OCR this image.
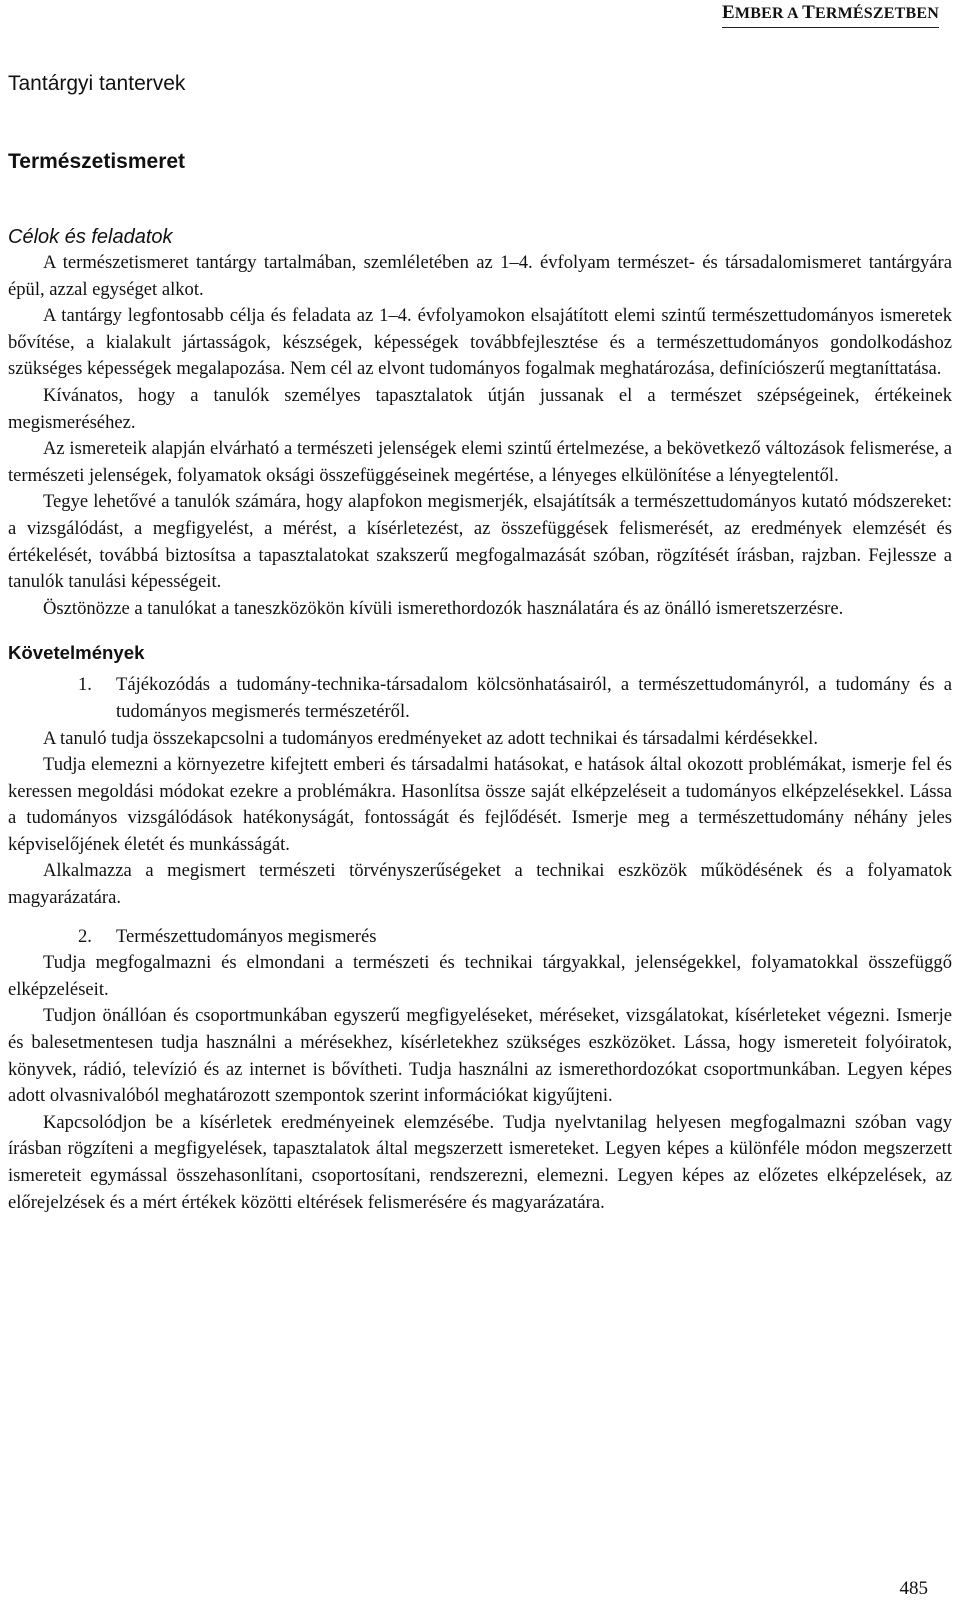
EMBER A TERMÉSZETBEN
Tantárgyi tantervek
Természetismeret
Célok és feladatok

A természetismeret tantárgy tartalmában, szemléletében az 1–4. évfolyam természet- és társadalomismeret tantárgyára épül, azzal egységet alkot.

A tantárgy legfontosabb célja és feladata az 1–4. évfolyamokon elsajátított elemi szintű természettudományos ismeretek bővítése, a kialakult jártasságok, készségek, képességek továbbfejlesztése és a természettudományos gondolkodáshoz szükséges képességek megalapozása. Nem cél az elvont tudományos fogalmak meghatározása, definíciószerű megtaníttatása.

Kívánatos, hogy a tanulók személyes tapasztalatok útján jussanak el a természet szépségeinek, értékeinek megismeréséhez.

Az ismereteik alapján elvárható a természeti jelenségek elemi szintű értelmezése, a bekövetkező változások felismerése, a természeti jelenségek, folyamatok oksági összefüggéseinek megértése, a lényeges elkülönítése a lényegtelentől.

Tegye lehetővé a tanulók számára, hogy alapfokon megismerjék, elsajátítsák a természettudományos kutató módszereket: a vizsgálódást, a megfigyelést, a mérést, a kísérletezést, az összefüggések felismerését, az eredmények elemzését és értékelését, továbbá biztosítsa a tapasztalatokat szakszerű megfogalmazását szóban, rögzítését írásban, rajzban. Fejlessze a tanulók tanulási képességeit.

Ösztönözze a tanulókat a taneszközökön kívüli ismerethordozók használatára és az önálló ismeretszerzésre.

Követelmények
1.	Tájékozódás a tudomány-technika-társadalom kölcsönhatásairól, a természettudományról, a tudomány és a tudományos megismerés természetéről.

A tanuló tudja összekapcsolni a tudományos eredményeket az adott technikai és társadalmi kérdésekkel.

Tudja elemezni a környezetre kifejtett emberi és társadalmi hatásokat, e hatások által okozott problémákat, ismerje fel és keressen megoldási módokat ezekre a problémákra. Hasonlítsa össze saját elképzeléseit a tudományos elképzelésekkel. Lássa a tudományos vizsgálódások hatékonyságát, fontosságát és fejlődését. Ismerje meg a természettudomány néhány jeles képviselőjének életét és munkásságát.

Alkalmazza a megismert természeti törvényszerűségeket a technikai eszközök működésének és a folyamatok magyarázatára.

2.	Természettudományos megismerés

Tudja megfogalmazni és elmondani a természeti és technikai tárgyakkal, jelenségekkel, folyamatokkal összefüggő elképzeléseit.

Tudjon önállóan és csoportmunkában egyszerű megfigyeléseket, méréseket, vizsgálatokat, kísérleteket végezni. Ismerje és balesetmentesen tudja használni a mérésekhez, kísérletekhez szükséges eszközöket. Lássa, hogy ismereteit folyóiratok, könyvek, rádió, televízió és az internet is bővítheti. Tudja használni az ismerethordozókat csoportmunkában. Legyen képes adott olvasnivalóból meghatározott szempontok szerint információkat kigyűjteni.

Kapcsolódjon be a kísérletek eredményeinek elemzésébe. Tudja nyelvtanilag helyesen megfogalmazni szóban vagy írásban rögzíteni a megfigyelések, tapasztalatok által megszerzett ismereteket. Legyen képes a különféle módon megszerzett ismereteit egymással összehasonlítani, csoportosítani, rendszerezni, elemezni. Legyen képes az előzetes elképzelések, az előrejelzések és a mért értékek közötti eltérések felismerésére és magyarázatára.

485
